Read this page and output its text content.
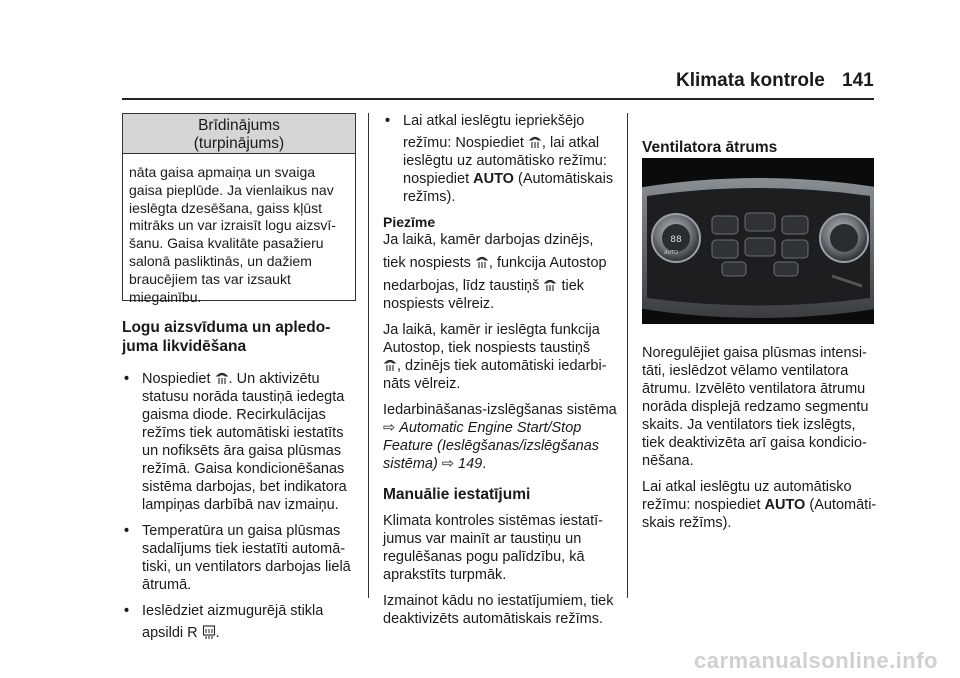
Klimata kontrole 141
Brīdinājums
(turpinājums)
nāta gaisa apmaiņa un svaiga
gaisa pieplūde. Ja vienlaikus nav
ieslēgta dzesēšana, gaiss kļūst
mitrāks un var izraisīt logu aizsvī-
šanu. Gaisa kvalitāte pasažieru
salonā pasliktinās, un dažiem
braucējiem tas var izsaukt
miegainību.
Logu aizsvīduma un apledo-
juma likvidēšana
• Nospiediet . Un aktivizētu
statusu norāda taustiņā iedegta
gaisma diode. Recirkulācijas
režīms tiek automātiski iestatīts
un nofiksēts āra gaisa plūsmas
režīmā. Gaisa kondicionēšanas
sistēma darbojas, bet indikatora
lampiņas darbībā nav izmaiņu.
• Temperatūra un gaisa plūsmas
sadalījums tiek iestatīti automā-
tiski, un ventilators darbojas lielā
ātrumā.
• Ieslēdziet aizmugurējā stikla
apsildi R .
• Lai atkal ieslēgtu iepriekšējo
režīmu: Nospiediet , lai atkal
ieslēgtu uz automātisko režīmu:
nospiediet AUTO (Automātiskais
režīms).
Piezīme
Ja laikā, kamēr darbojas dzinējs,
tiek nospiests , funkcija Autostop
nedarbojas, līdz taustiņš tiek
nospiests vēlreiz.
Ja laikā, kamēr ir ieslēgta funkcija
Autostop, tiek nospiests taustiņš
, dzinējs tiek automātiski iedarbi-
nāts vēlreiz.
Iedarbināšanas-izslēgšanas sistēma
⇨ Automatic Engine Start/Stop
Feature (Ieslēgšanas/izslēgšanas
sistēma) ⇨ 149.
Manuālie iestatījumi
Klimata kontroles sistēmas iestatī-
jumus var mainīt ar taustiņu un
regulēšanas pogu palīdzību, kā
aprakstīts turpmāk.
Izmainot kādu no iestatījumiem, tiek
deaktivizēts automātiskais režīms.
Ventilatora ātrums
88
AUTO
Noregulējiet gaisa plūsmas intensi-
tāti, ieslēdzot vēlamo ventilatora
ātrumu. Izvēlēto ventilatora ātrumu
norāda displejā redzamo segmentu
skaits. Ja ventilators tiek izslēgts,
tiek deaktivizēta arī gaisa kondicio-
nēšana.
Lai atkal ieslēgtu uz automātisko
režīmu: nospiediet AUTO (Automāti-
skais režīms).
carmanualsonline.info
